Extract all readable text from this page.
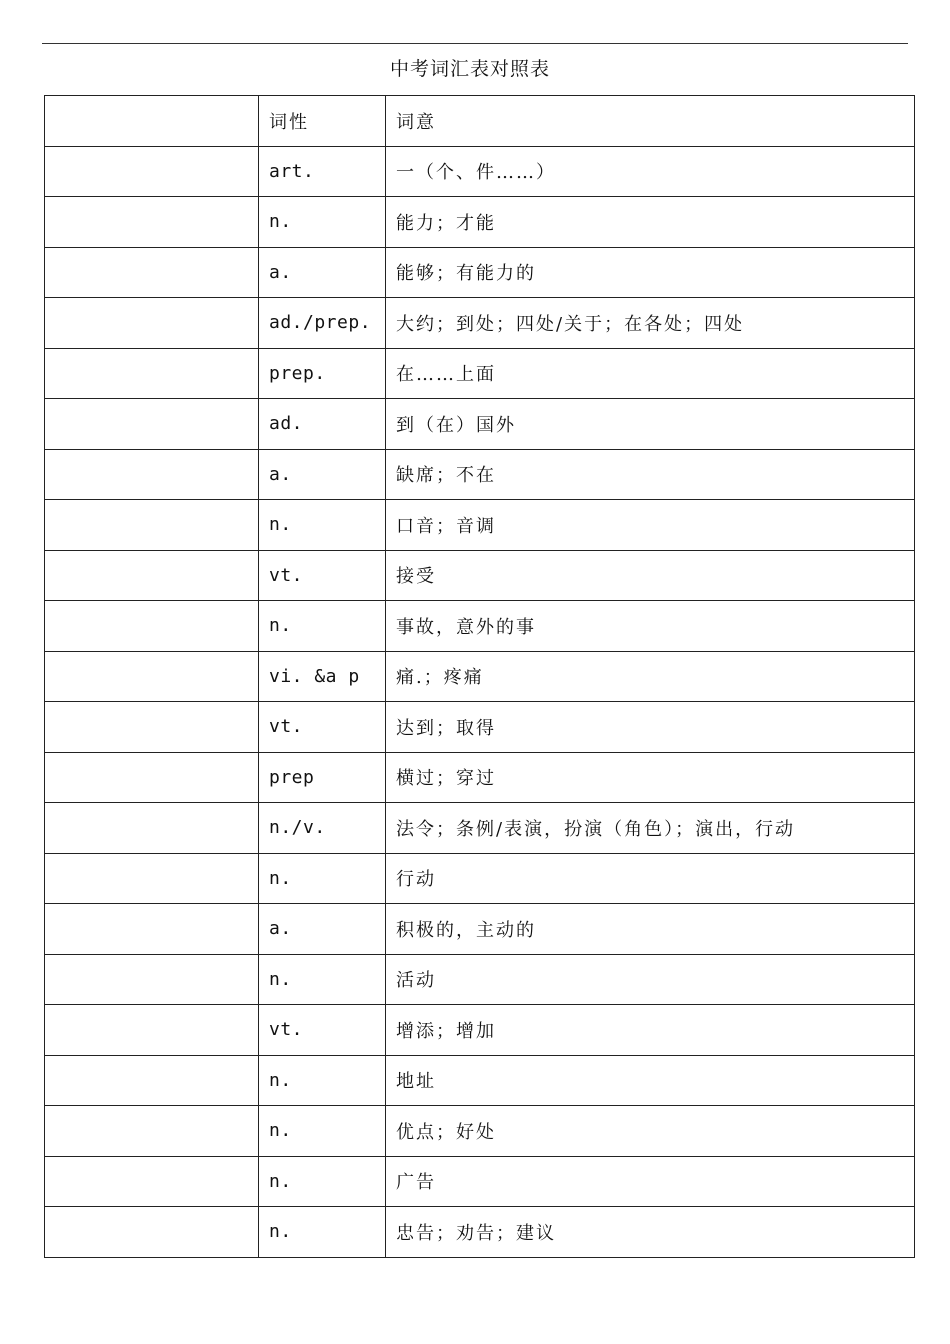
中考词汇表对照表
	词性	词意
	art.	一（个、件……）
	n.	能力；才能
	a.	能够；有能力的
	ad./prep.	大约；到处；四处/关于；在各处；四处
	prep.	在……上面
	ad.	到（在）国外
	a.	缺席；不在
	n.	口音；音调
	vt.	接受
	n.	事故，意外的事
	vi. &a p	痛.；疼痛
	vt.	达到；取得
	prep	横过；穿过
	n./v.	法令；条例/表演，扮演（角色）；演出，行动
	n.	行动
	a.	积极的，主动的
	n.	活动
	vt.	增添；增加
	n.	地址
	n.	优点；好处
	n.	广告
	n.	忠告；劝告；建议
